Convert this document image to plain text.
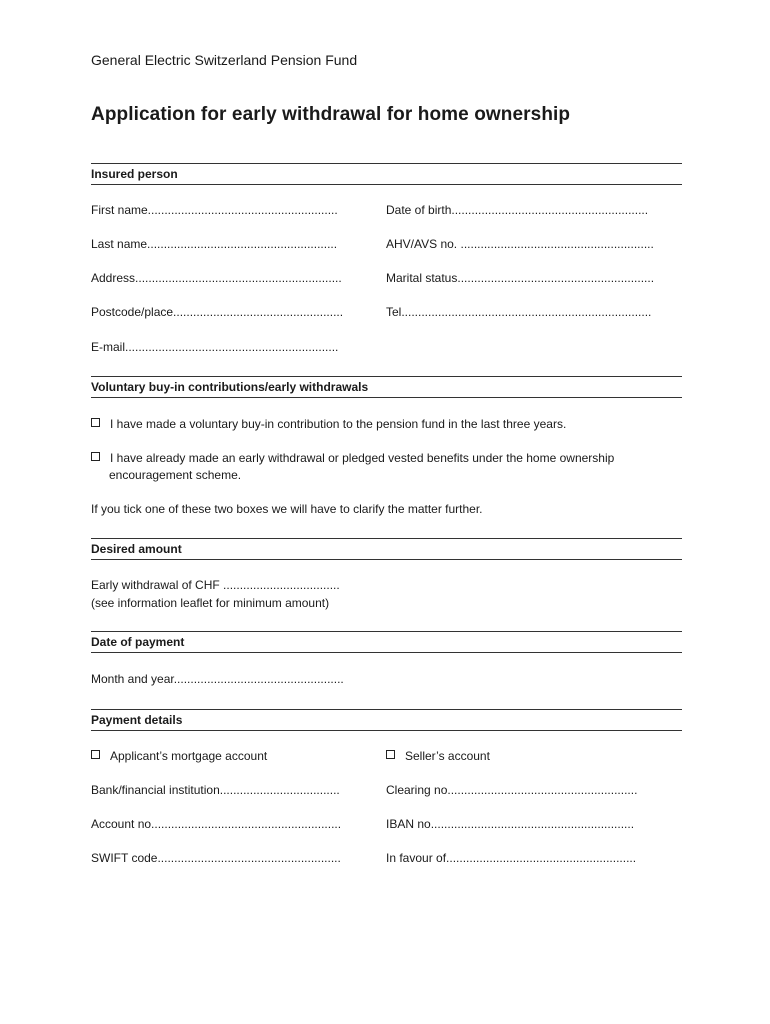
General Electric Switzerland Pension Fund
Application for early withdrawal for home ownership
Insured person
First name.........................................................	Date of birth...........................................................
Last name.........................................................	AHV/AVS no. ..........................................................
Address..............................................................	Marital status...........................................................
Postcode/place...................................................	Tel...........................................................................
E-mail................................................................
Voluntary buy-in contributions/early withdrawals
I have made a voluntary buy-in contribution to the pension fund in the last three years.
I have already made an early withdrawal or pledged vested benefits under the home ownership
encouragement scheme.
If you tick one of these two boxes we will have to clarify the matter further.
Desired amount
Early withdrawal of CHF ...................................
(see information leaflet for minimum amount)
Date of payment
Month and year...................................................
Payment details
Applicant’s mortgage account	Seller’s account
Bank/financial institution....................................	Clearing no.........................................................
Account no.........................................................	IBAN no.............................................................
SWIFT code.......................................................	In favour of.........................................................
